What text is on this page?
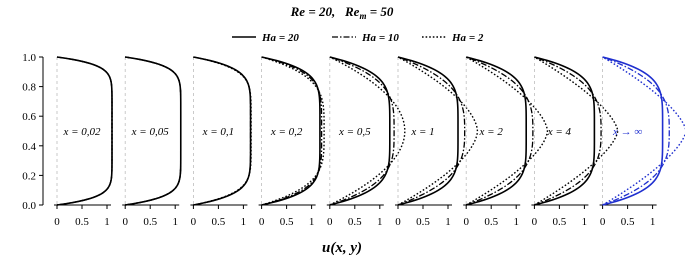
Re = 20,   $Re_m = 50$
Ha = 20	Ha = 10	Ha = 2
0.0
0.2
0.4
0.6
0.8
1.0
0 0.5 1
x = 0,02
0 0.5 1
x = 0,05
0 0.5 1
x = 0,1
0 0.5 1
x = 0,2
0 0.5 1
x = 0,5
0 0.5 1
x = 1
0 0.5 1
x = 2
0 0.5 1
x = 4
0 0.5 1
x → ∞
u(x, y)
